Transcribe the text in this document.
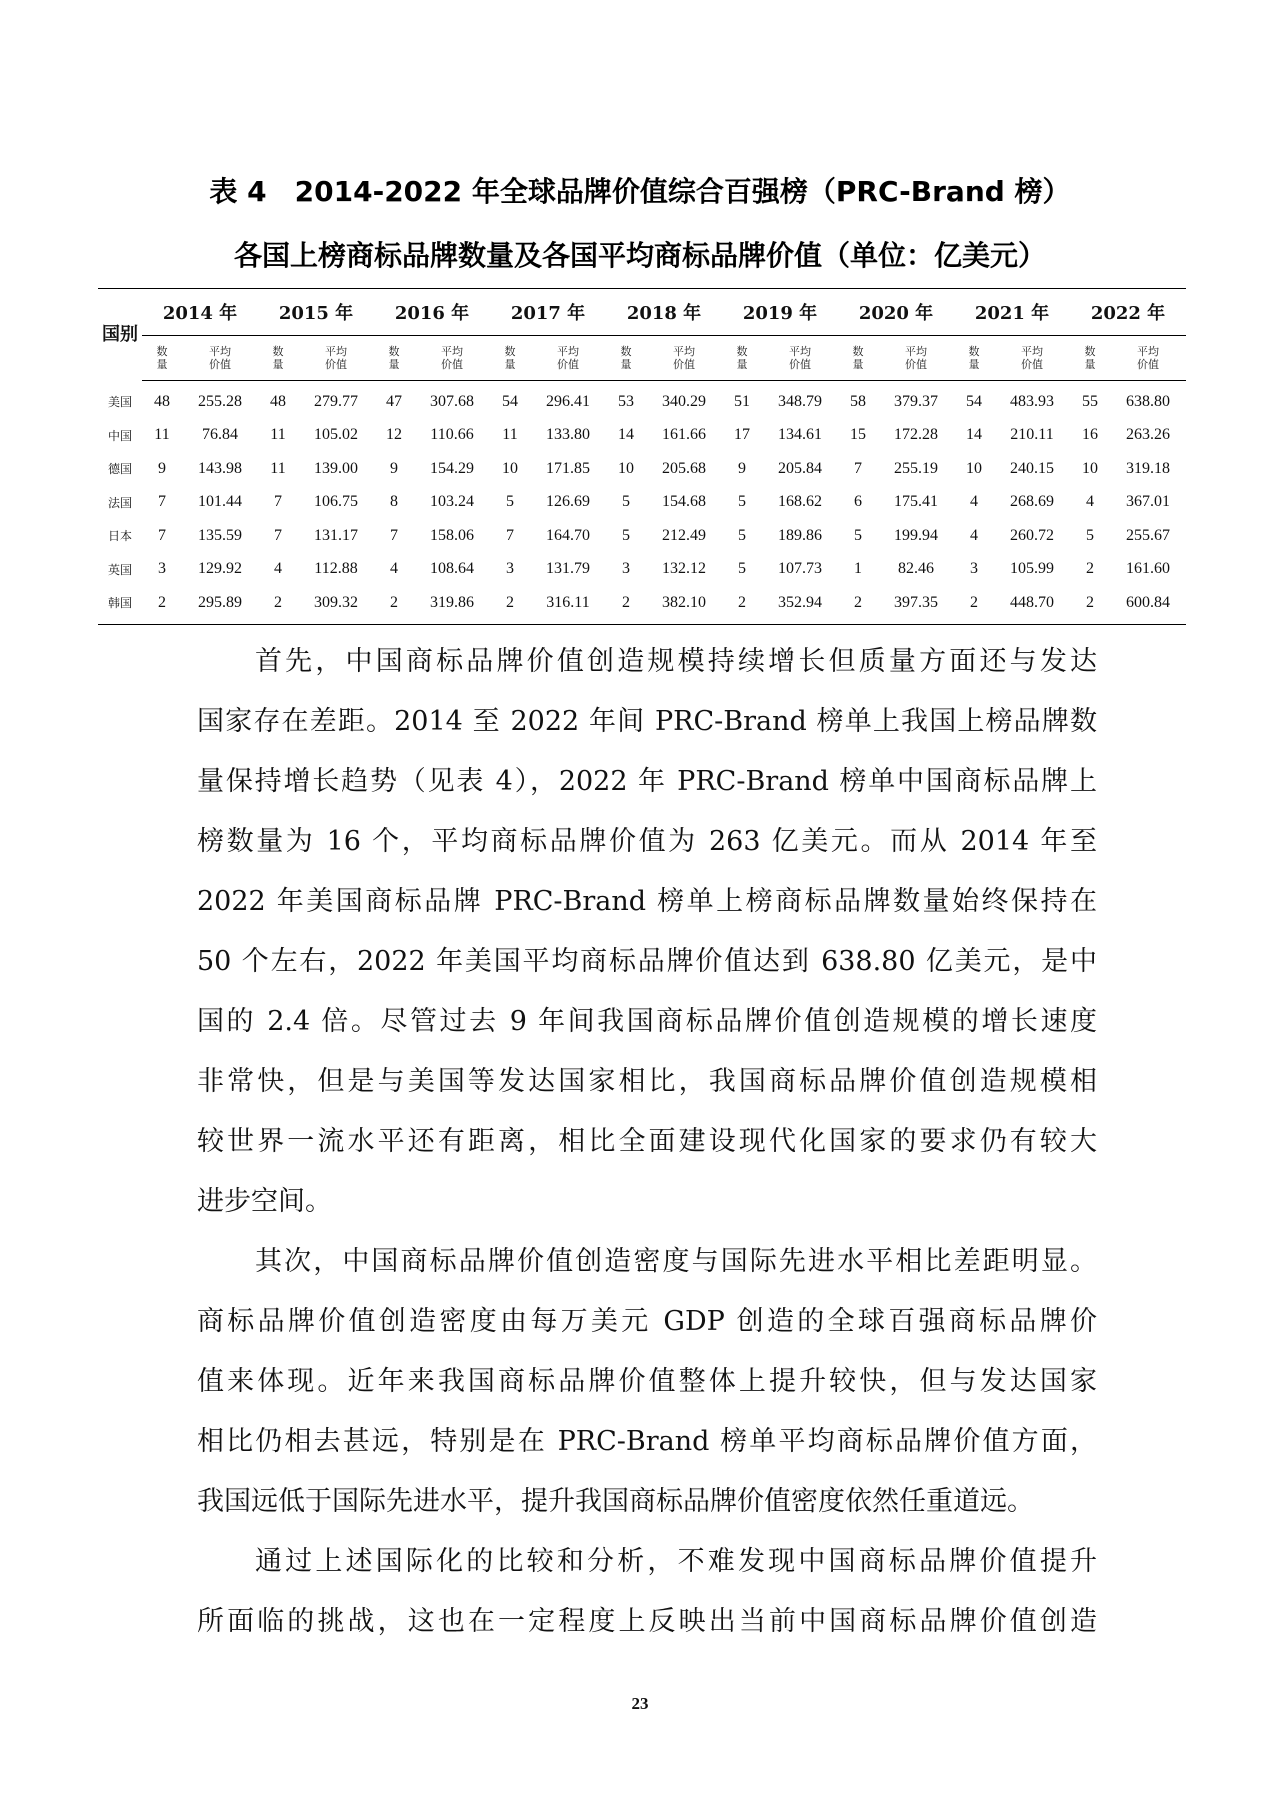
表 4　2014-2022 年全球品牌价值综合百强榜（PRC-Brand 榜）
各国上榜商标品牌数量及各国平均商标品牌价值（单位：亿美元）
国别	2014 年		2015 年		2016 年		2017 年		2018 年		2019 年		2020 年		2021 年		2022 年	
	数量	平均价值	数量	平均价值	数量	平均价值	数量	平均价值	数量	平均价值	数量	平均价值	数量	平均价值	数量	平均价值	数量	平均价值
美国	48	255.28	48	279.77	47	307.68	54	296.41	53	340.29	51	348.79	58	379.37	54	483.93	55	638.80
中国	11	76.84	11	105.02	12	110.66	11	133.80	14	161.66	17	134.61	15	172.28	14	210.11	16	263.26
德国	9	143.98	11	139.00	9	154.29	10	171.85	10	205.68	9	205.84	7	255.19	10	240.15	10	319.18
法国	7	101.44	7	106.75	8	103.24	5	126.69	5	154.68	5	168.62	6	175.41	4	268.69	4	367.01
日本	7	135.59	7	131.17	7	158.06	7	164.70	5	212.49	5	189.86	5	199.94	4	260.72	5	255.67
英国	3	129.92	4	112.88	4	108.64	3	131.79	3	132.12	5	107.73	1	82.46	3	105.99	2	161.60
韩国	2	295.89	2	309.32	2	319.86	2	316.11	2	382.10	2	352.94	2	397.35	2	448.70	2	600.84
首先，中国商标品牌价值创造规模持续增长但质量方面还与发达
国家存在差距。2014 至 2022 年间 PRC-Brand 榜单上我国上榜品牌数
量保持增长趋势（见表 4），2022 年 PRC-Brand 榜单中国商标品牌上
榜数量为 16 个，平均商标品牌价值为 263 亿美元。而从 2014 年至
2022 年美国商标品牌 PRC-Brand 榜单上榜商标品牌数量始终保持在
50 个左右，2022 年美国平均商标品牌价值达到 638.80 亿美元，是中
国的 2.4 倍。尽管过去 9 年间我国商标品牌价值创造规模的增长速度
非常快，但是与美国等发达国家相比，我国商标品牌价值创造规模相
较世界一流水平还有距离，相比全面建设现代化国家的要求仍有较大
进步空间。
其次，中国商标品牌价值创造密度与国际先进水平相比差距明显。
商标品牌价值创造密度由每万美元 GDP 创造的全球百强商标品牌价
值来体现。近年来我国商标品牌价值整体上提升较快，但与发达国家
相比仍相去甚远，特别是在 PRC-Brand 榜单平均商标品牌价值方面，
我国远低于国际先进水平，提升我国商标品牌价值密度依然任重道远。
通过上述国际化的比较和分析，不难发现中国商标品牌价值提升
所面临的挑战，这也在一定程度上反映出当前中国商标品牌价值创造
23
